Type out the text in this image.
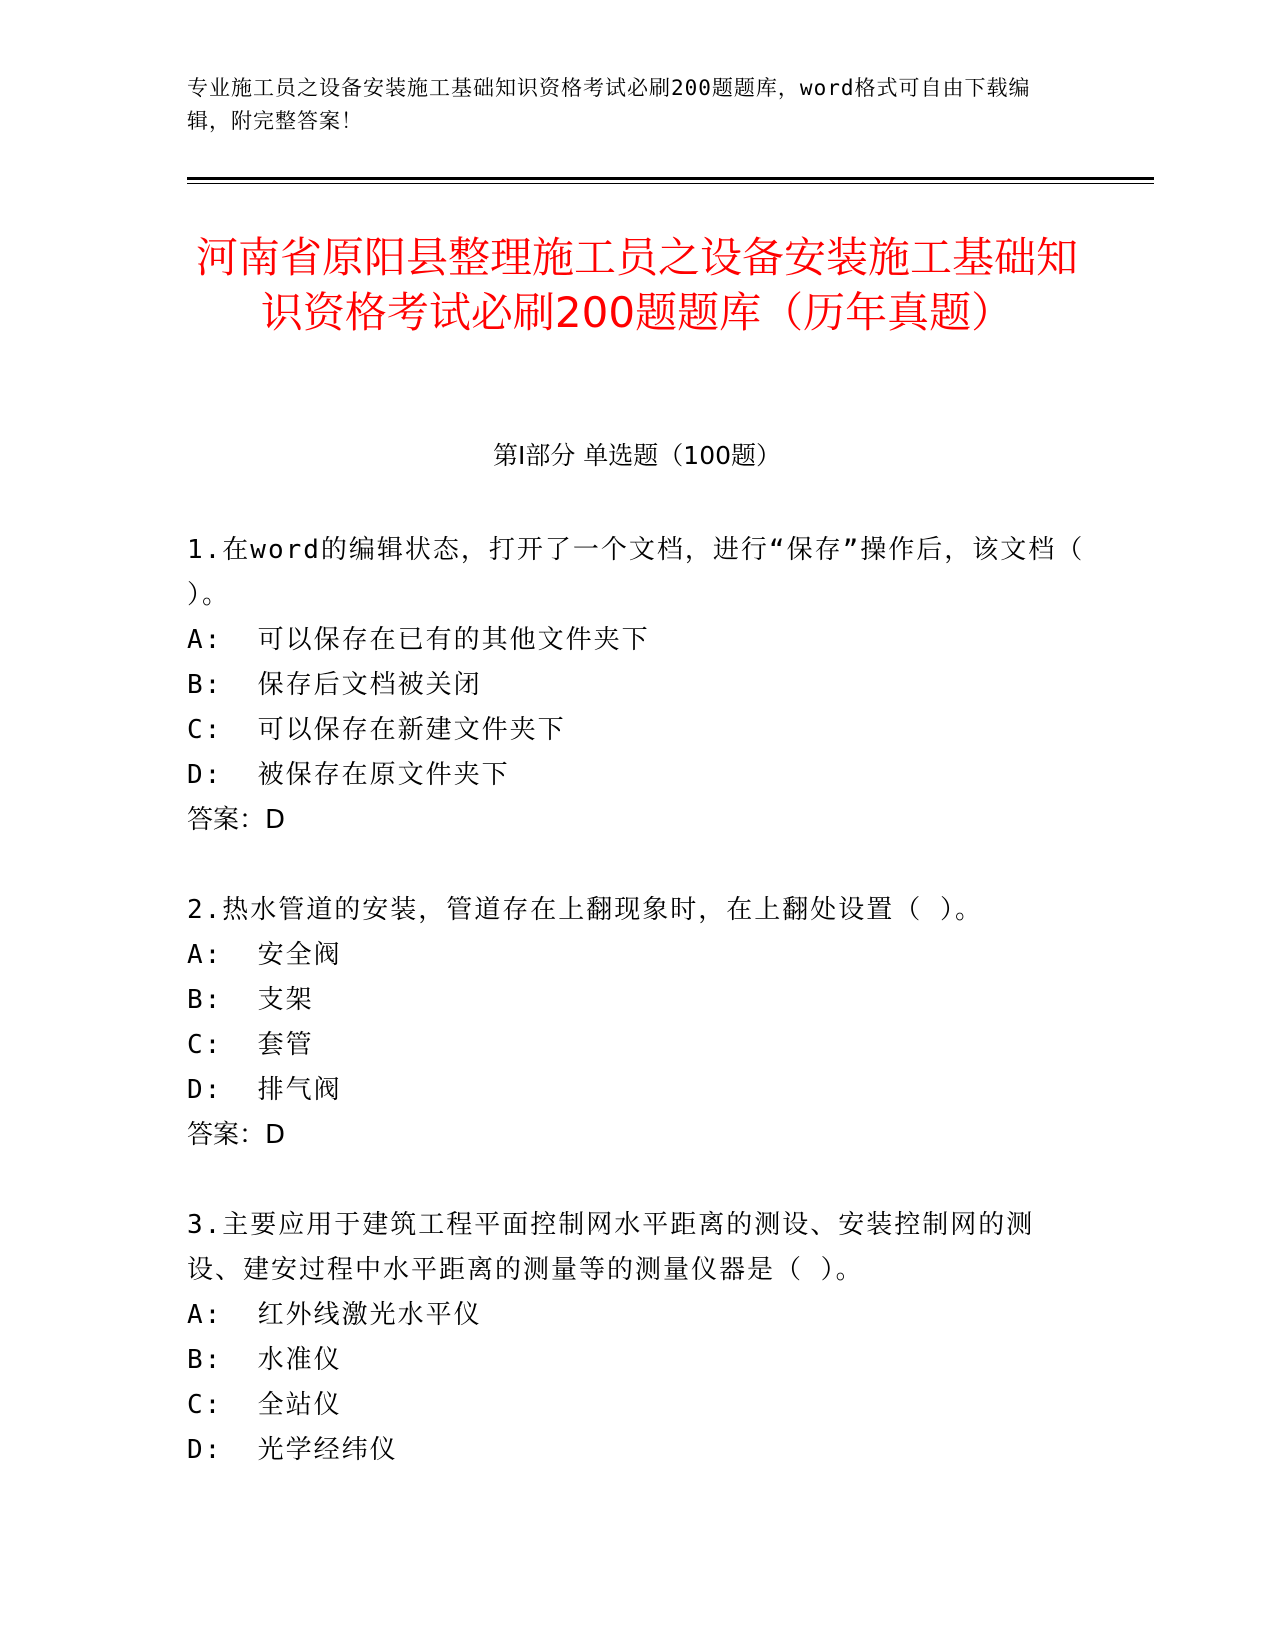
专业施工员之设备安装施工基础知识资格考试必刷200题题库，word格式可自由下载编辑，附完整答案！
河南省原阳县整理施工员之设备安装施工基础知识资格考试必刷200题题库（历年真题）
第Ⅰ部分 单选题（100题）
1.在word的编辑状态，打开了一个文档，进行“保存”操作后，该文档（ ）。
A:  可以保存在已有的其他文件夹下
B:  保存后文档被关闭
C:  可以保存在新建文件夹下
D:  被保存在原文件夹下
答案：D
2.热水管道的安装，管道存在上翻现象时，在上翻处设置（ ）。
A:  安全阀
B:  支架
C:  套管
D:  排气阀
答案：D
3.主要应用于建筑工程平面控制网水平距离的测设、安装控制网的测设、建安过程中水平距离的测量等的测量仪器是（ ）。
A:  红外线激光水平仪
B:  水准仪
C:  全站仪
D:  光学经纬仪
